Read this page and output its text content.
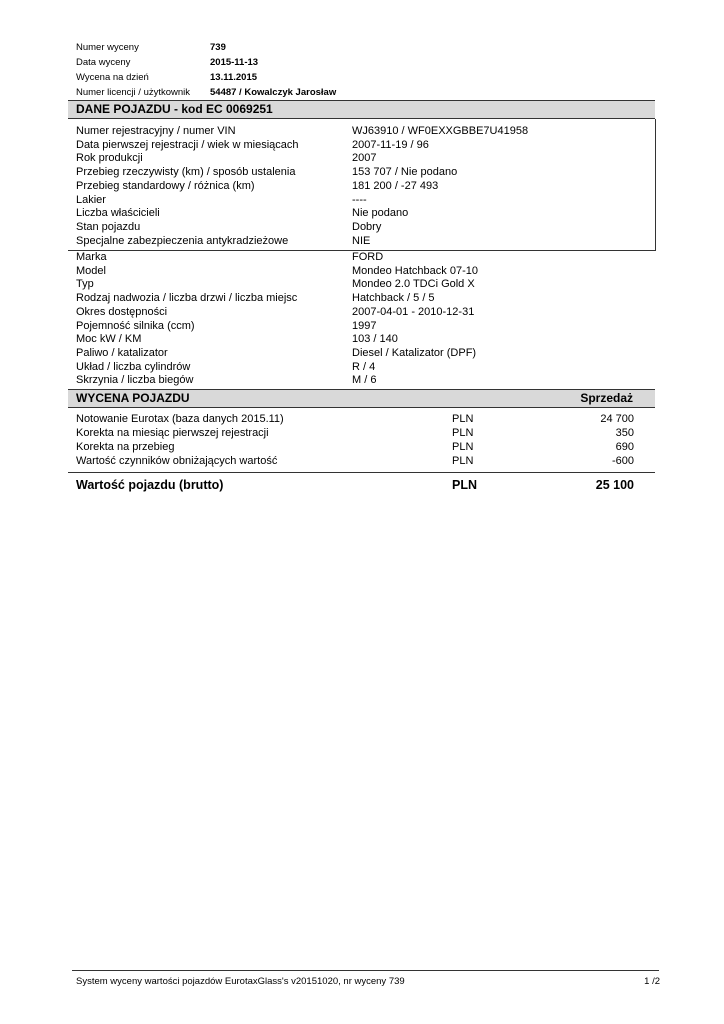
Numer wyceny	739
Data wyceny	2015-11-13
Wycena na dzień	13.11.2015
Numer licencji / użytkownik 54487 / Kowalczyk Jarosław
DANE POJAZDU - kod EC 0069251
Numer rejestracyjny / numer VIN	WJ63910 / WF0EXXGBBE7U41958
Data pierwszej rejestracji / wiek w miesiącach	2007-11-19 / 96
Rok produkcji	2007
Przebieg rzeczywisty (km) / sposób ustalenia	153 707 / Nie podano
Przebieg standardowy / różnica (km)	181 200 / -27 493
Lakier	----
Liczba właścicieli	Nie podano
Stan pojazdu	Dobry
Specjalne zabezpieczenia antykradzieżowe	NIE
Marka	FORD
Model	Mondeo Hatchback 07-10
Typ	Mondeo 2.0 TDCi Gold X
Rodzaj nadwozia / liczba drzwi / liczba miejsc	Hatchback / 5 / 5
Okres dostępności	2007-04-01 - 2010-12-31
Pojemność silnika (ccm)	1997
Moc kW / KM	103 / 140
Paliwo / katalizator	Diesel / Katalizator (DPF)
Układ / liczba cylindrów	R / 4
Skrzynia / liczba biegów	M / 6
WYCENA POJAZDU	Sprzedaż
Notowanie Eurotax (baza danych 2015.11)	PLN	24 700
Korekta na miesiąc pierwszej rejestracji	PLN	350
Korekta na przebieg	PLN	690
Wartość czynników obniżających wartość	PLN	-600
Wartość pojazdu (brutto)	PLN	25 100
System wyceny wartości pojazdów EurotaxGlass's v20151020, nr wyceny 739	1 /2
